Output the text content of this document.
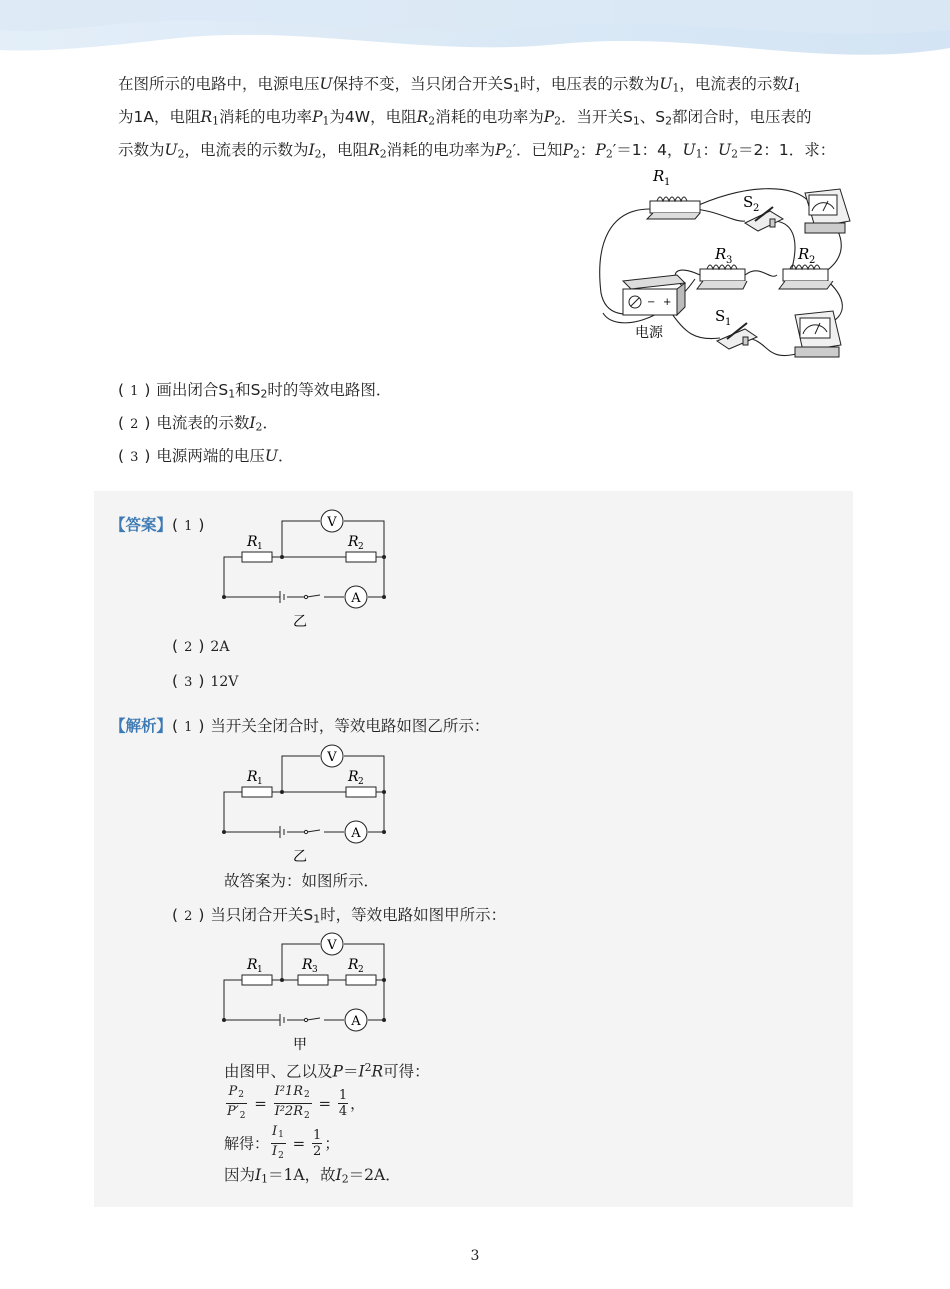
在图所示的电路中，电源电压U保持不变，当只闭合开关$S_1$时，电压表的示数为$U_1$，电流表的示数$I_1$
为1A，电阻$R_1$消耗的电功率$P_1$为4W，电阻$R_2$消耗的电功率为$P_2$．当开关$S_1$、$S_2$都闭合时，电压表的
示数为$U_2$，电流表的示数为$I_2$，电阻$R_2$消耗的电功率为$P_2'$．已知$P_2$：$P_2'=1$：4，$U_1$：$U_2=2$：1．求：
− +
R 1
S 2
R 3	R 2
S 1
电源
( 1 ) 画出闭合$S_1$和$S_2$时的等效电路图．
( 2 ) 电流表的示数$I_2$．
( 3 ) 电源两端的电压U．
【答案】( 1 )
( 2 ) 2A
( 3 ) 12V
【解析】( 1 ) 当开关全闭合时，等效电路如图乙所示：
故答案为：如图所示．
( 2 ) 当只闭合开关$S_1$时，等效电路如图甲所示：
由图甲、乙以及$P=I^2R$可得：
$\frac{P_2}{P'_2} = \frac{I^21R_2}{I^22R_2} = \frac{1}{4}$ ，
解得： $\frac{I_1}{I_2} = \frac{1}{2}$ ；
因为$I_1=1A$，故$I_2=2A$．
V
A
R 1	R 2
乙
V
A
R 1	R 2
乙
V
A
R 1	R 3 R 2
甲
3
